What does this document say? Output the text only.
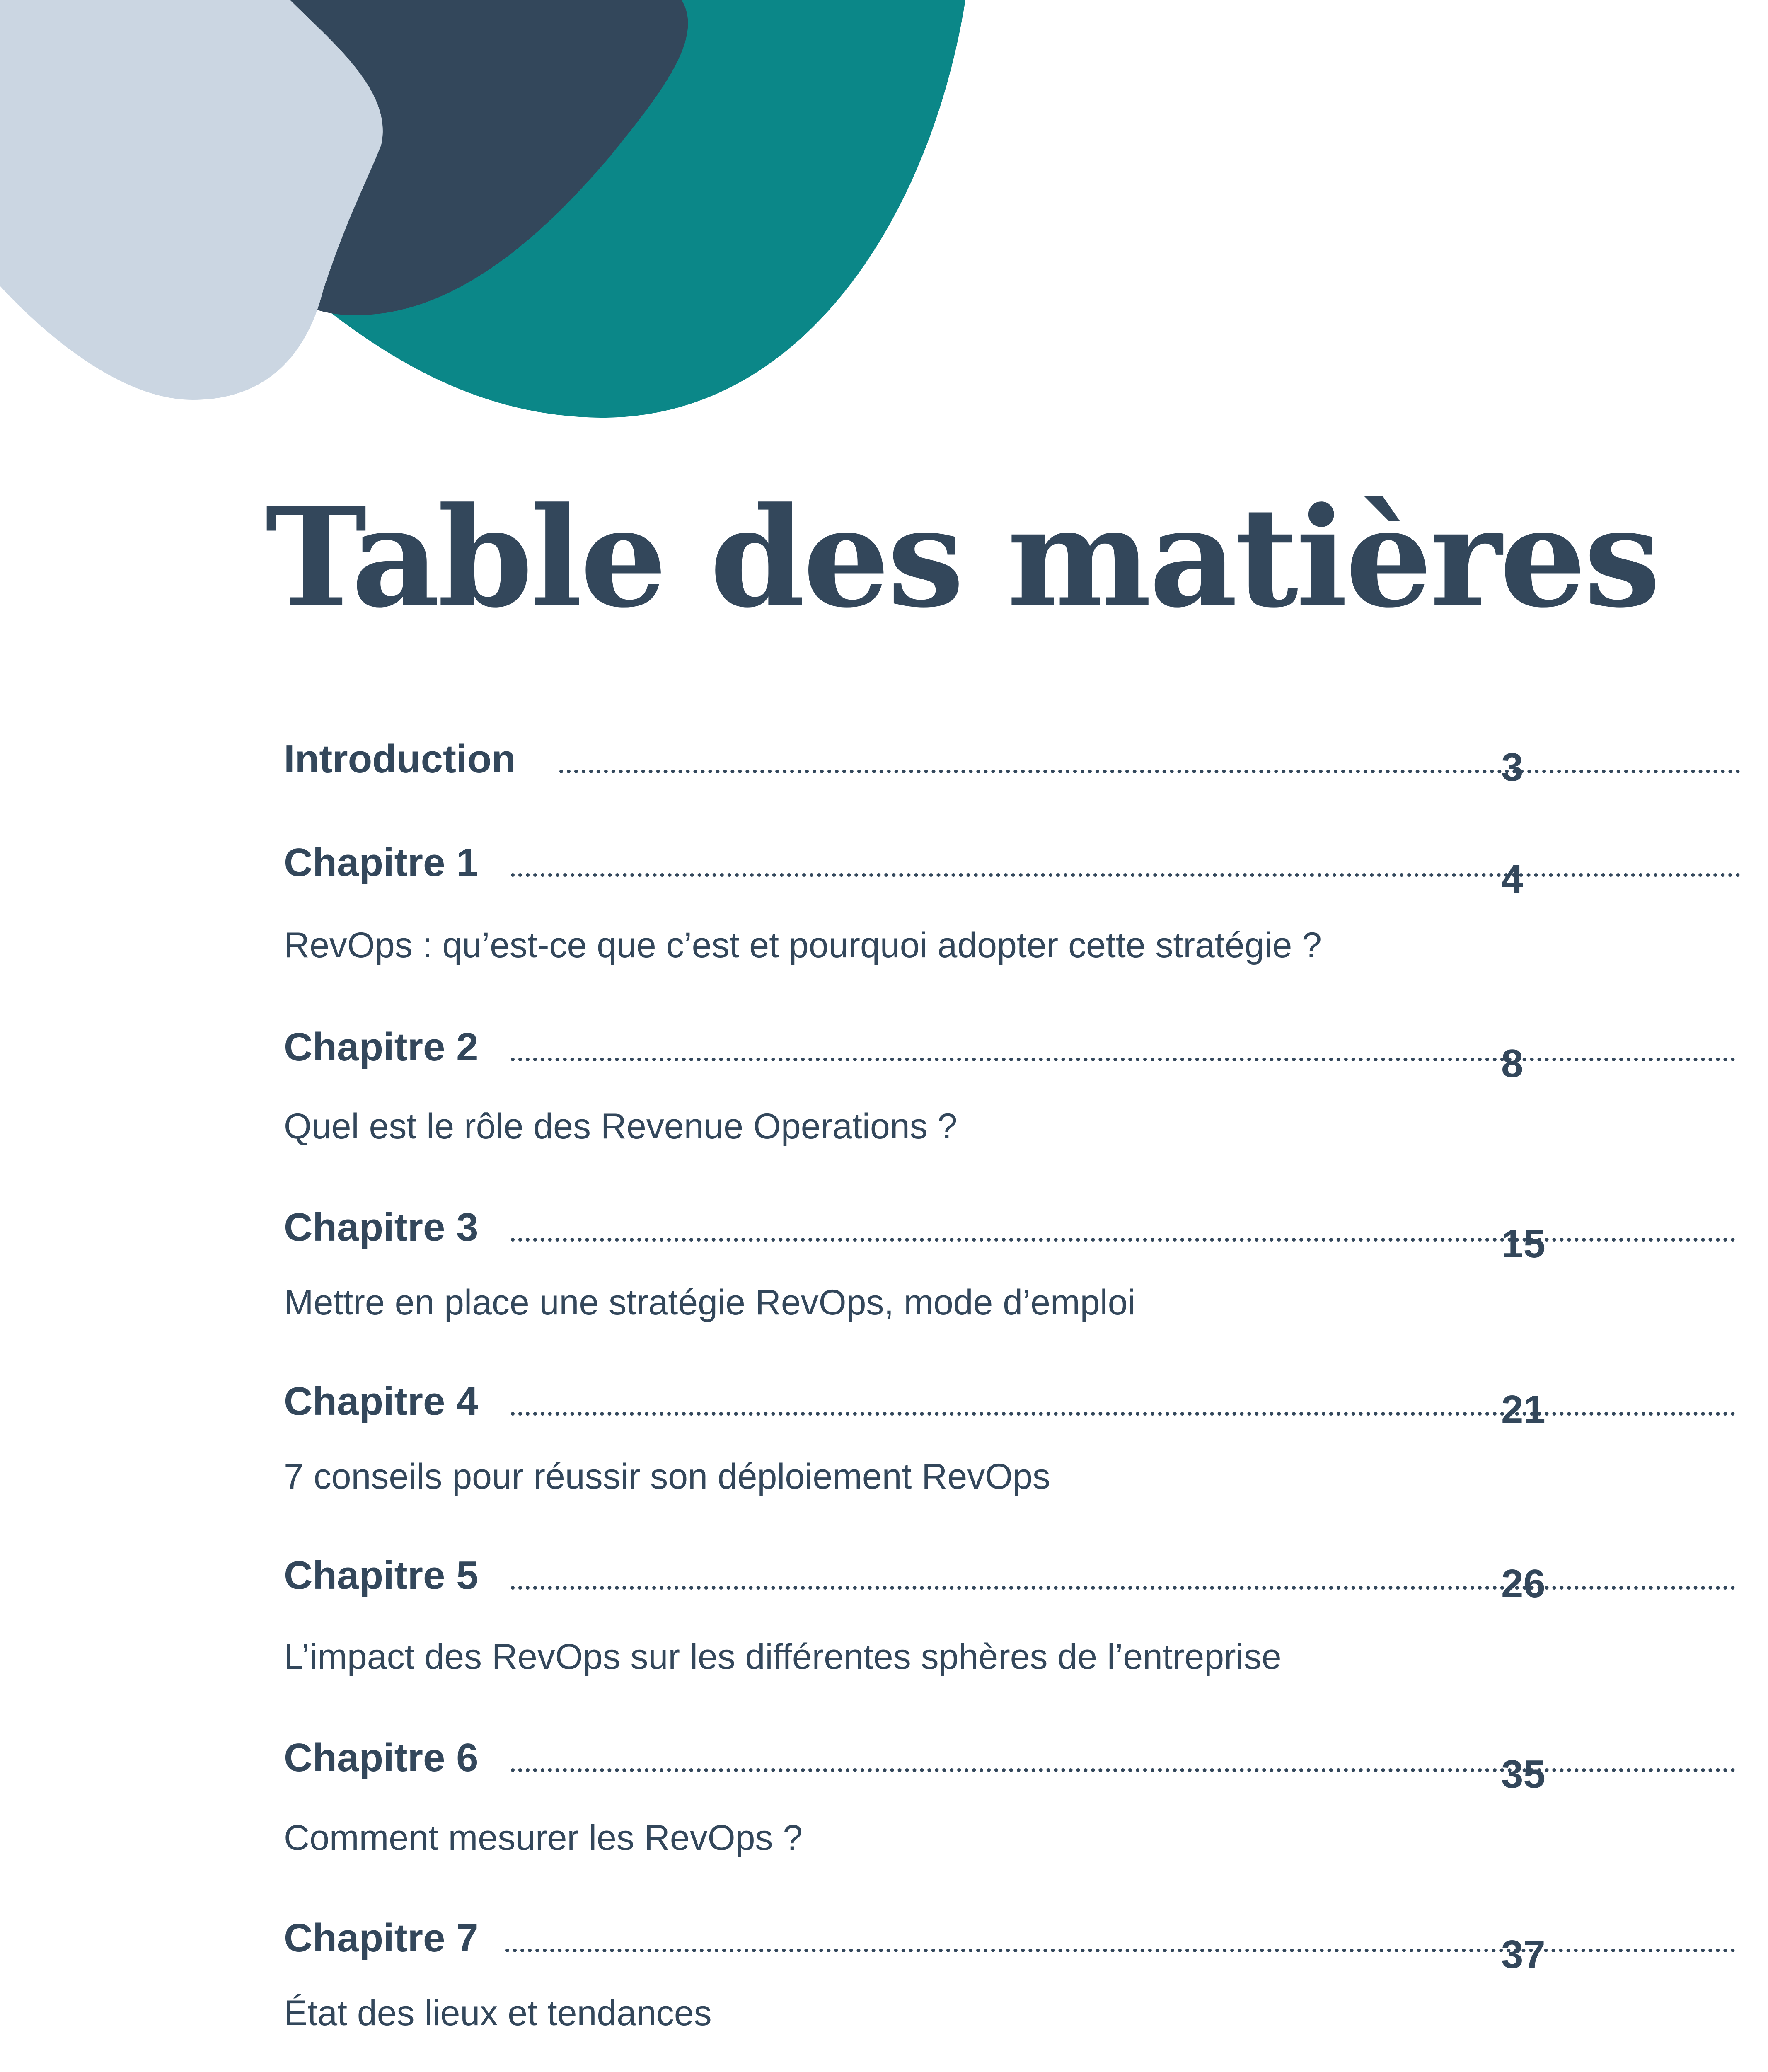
Table des matières
Introduction	3
Chapitre 1	4
RevOps : qu’est-ce que c’est et pourquoi adopter cette stratégie ?
Chapitre 2	8
Quel est le rôle des Revenue Operations ?
Chapitre 3	15
Mettre en place une stratégie RevOps, mode d’emploi
Chapitre 4	21
7 conseils pour réussir son déploiement RevOps
Chapitre 5	26
L’impact des RevOps sur les différentes sphères de l’entreprise
Chapitre 6	35
Comment mesurer les RevOps ?
Chapitre 7	37
État des lieux et tendances
